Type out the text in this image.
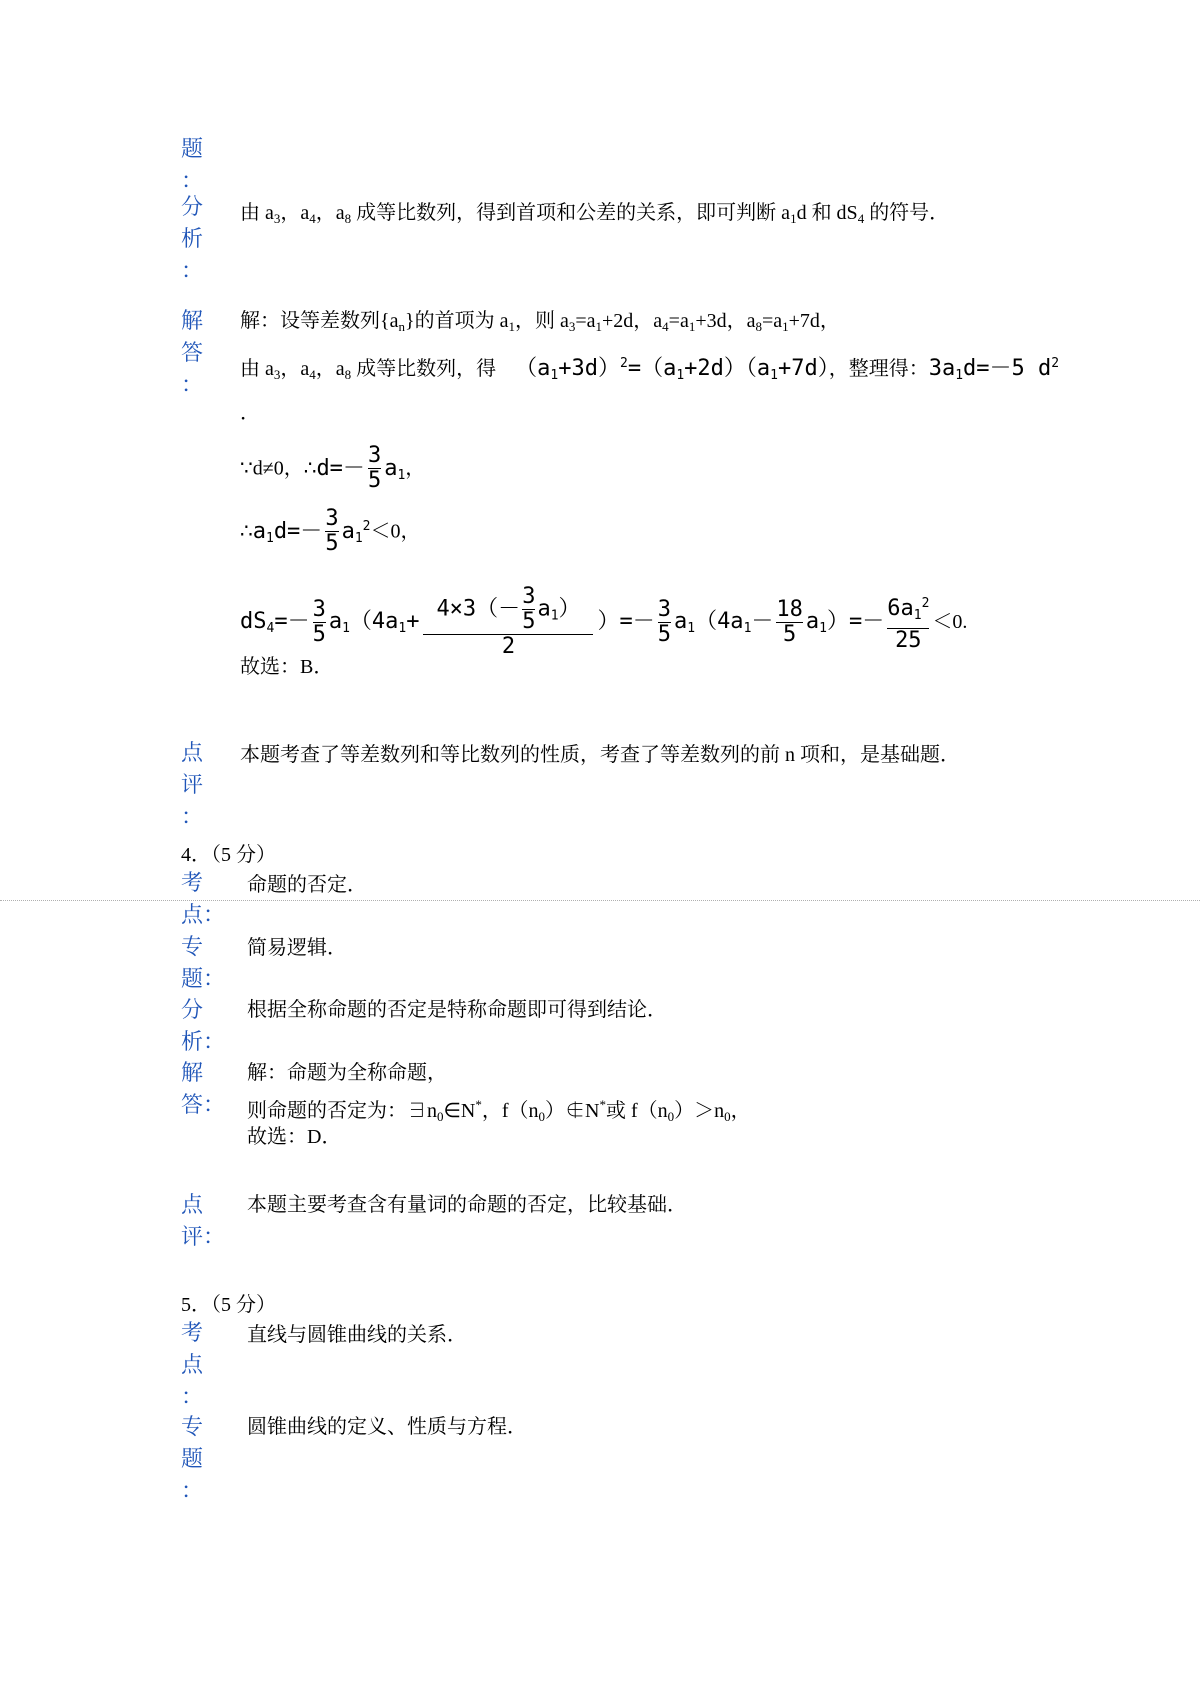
题
：
分
析
：
由 $a_3$，$a_4$，$a_8$ 成等比数列，得到首项和公差的关系，即可判断 $a_1d$ 和 $dS_4$ 的符号．
解
答
：
解：设等差数列$\{a_n\}$的首项为 $a_1$，则 $a_3=a_1+2d$，$a_4=a_1+3d$，$a_8=a_1+7d$，
由 $a_3$，$a_4$，$a_8$ 成等比数列，得 $(a_1+3d)^2=(a_1+2d)(a_1+7d)$，整理得：$3a_1d=-5$ $d^2$
．
∵d≠0，∴d=－ $\frac{3}{5} a_1$，
$\therefore a_1d=- \frac{3}{5} a_1^2<0$，
$dS_4=- \frac{3}{5} a_1(4a_1+ \frac{4\times 3(- \frac{3}{5} a_1)}{2}$ ）=－ $\frac{3}{5} a_1(4a_1- \frac{18}{5} a_1)=- \frac{6a_1^2}{25} <0$.
故选：B．
点
评
：
本题考查了等差数列和等比数列的性质，考查了等差数列的前 n 项和，是基础题．
4．（5 分）
考
点：
命题的否定．
专
题：
简易逻辑．
分
析：
根据全称命题的否定是特称命题即可得到结论．
解
答：
解：命题为全称命题，
则命题的否定为：$\exists n_0\in N^*$，$f(n_0)\notin N^*$或 $f(n_0)>n_0$，
故选：D．
点
评：
本题主要考查含有量词的命题的否定，比较基础．
5．（5 分）
考
点
：
直线与圆锥曲线的关系．
专
题
：
圆锥曲线的定义、性质与方程．
